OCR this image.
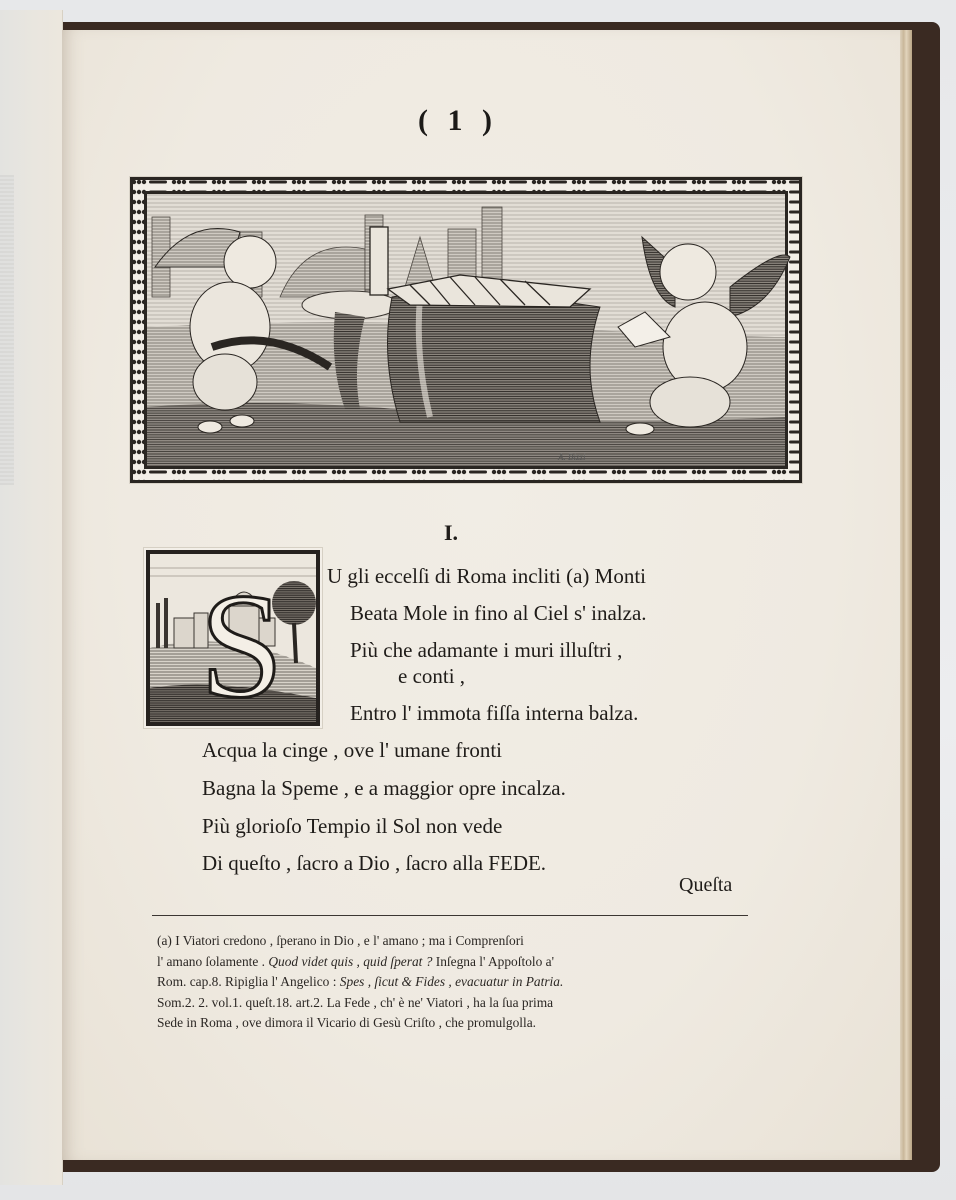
( 1 )
A. Bizzi
I.
S U gli eccelſi di Roma incliti (a) Monti
Beata Mole in fino al Ciel s' inalza.
Più che adamante i muri illuſtri ,
e conti ,
Entro l' immota fiſſa interna balza.
Acqua la cinge , ove l' umane fronti
Bagna la Speme , e a maggior opre incalza.
Più glorioſo Tempio il Sol non vede
Di queſto , ſacro a Dio , ſacro alla FEDE.
Queſta
(a) I Viatori credono , ſperano in Dio , e l' amano ; ma i Comprenſori
l' amano ſolamente . Quod videt quis , quid ſperat ? Inſegna l' Appoſtolo a'
Rom. cap.8. Ripiglia l' Angelico : Spes , ſicut & Fides , evacuatur in Patria.
Som.2. 2. vol.1. queſt.18. art.2. La Fede , ch' è ne' Viatori , ha la ſua prima
Sede in Roma , ove dimora il Vicario di Gesù Criſto , che promulgolla.
